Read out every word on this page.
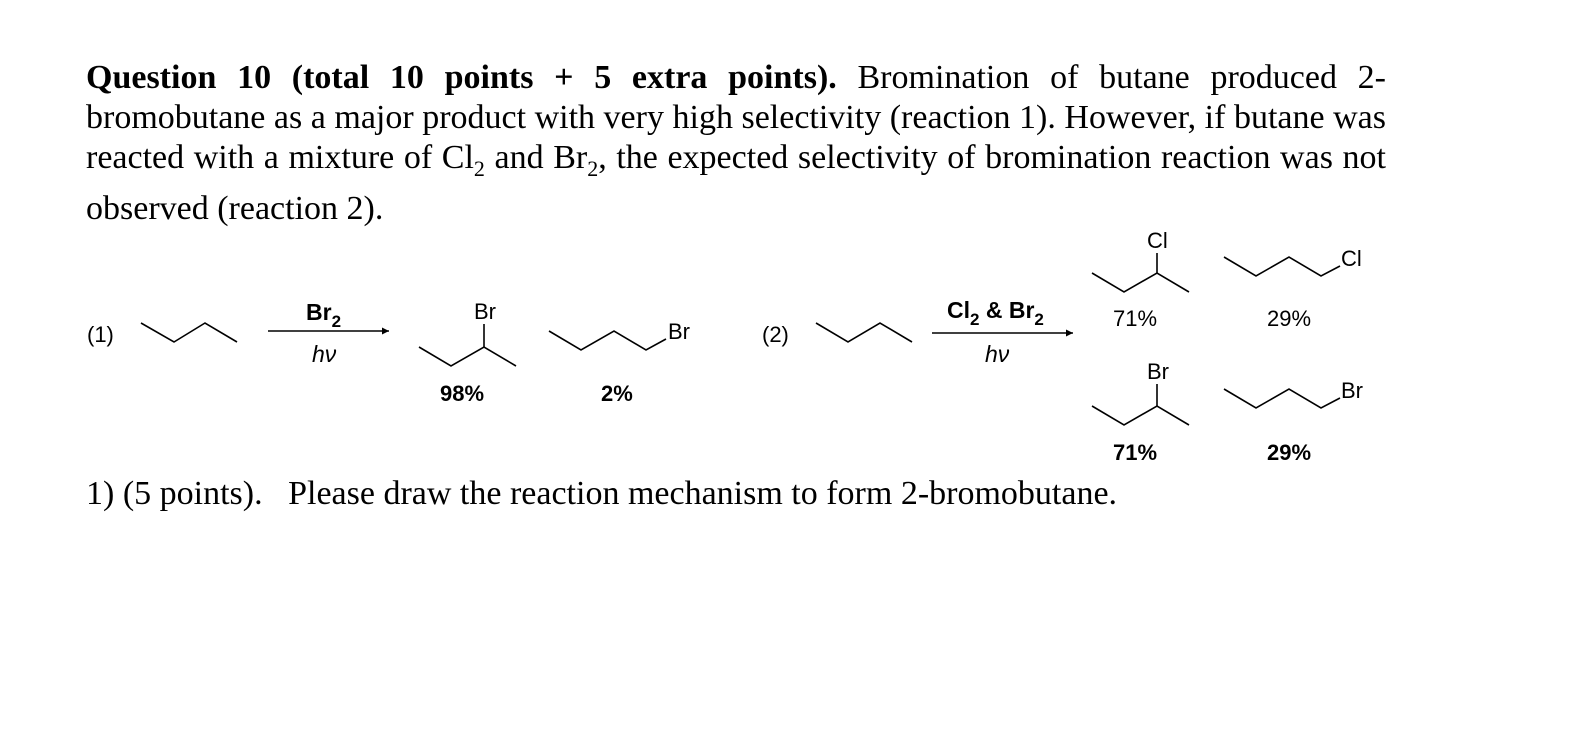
Question 10 (total 10 points + 5 extra points). Bromination of butane produced 2-bromobutane as a major product with very high selectivity (reaction 1). However, if butane was reacted with a mixture of $Cl_2$ and $Br_2$, the expected selectivity of bromination reaction was not observed (reaction 2).
(1)
$Br_2$
hν
Br
98%
Br
2%
(2)
$Cl_2$ & $Br_2$
hν
Cl
71%
Cl
29%
Br
71%
Br
29%
1) (5 points).   Please draw the reaction mechanism to form 2-bromobutane.
